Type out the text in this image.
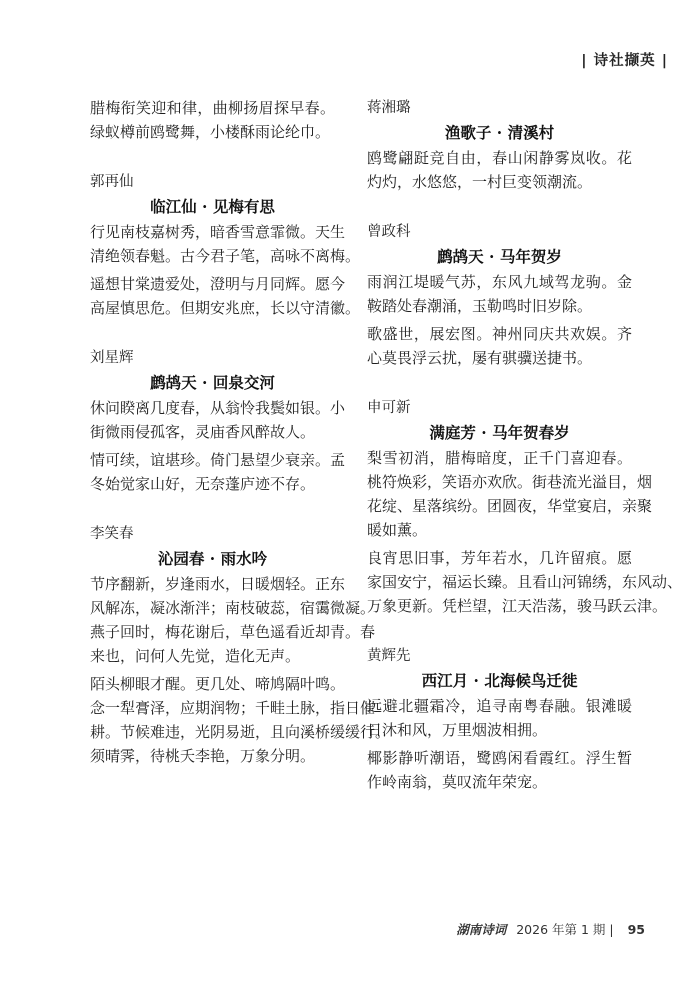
| 诗社撷英 |

腊梅衔笑迎和律，曲柳扬眉探早春。

绿蚁樽前鸥鹭舞，小楼酥雨论纶巾。

郭再仙

临江仙 · 见梅有思

行见南枝嘉树秀，暗香雪意霏微。天生

清绝领春魁。古今君子笔，高咏不离梅。

遥想甘棠遗爱处，澄明与月同辉。愿今

高屋慎思危。但期安兆庶，长以守清徽。

刘星辉

鹧鸪天 · 回泉交河

休问睽离几度春，从翁怜我鬓如银。小

街微雨侵孤客，灵庙香风醉故人。

情可续，谊堪珍。倚门悬望少衰亲。孟

冬始觉家山好，无奈蓬庐迹不存。

李笑春

沁园春 · 雨水吟

节序翻新，岁逢雨水，日暖烟轻。正东

风解冻，凝冰渐泮；南枝破蕊，宿霭微凝。

燕子回时，梅花谢后，草色遥看近却青。春

来也，问何人先觉，造化无声。

陌头柳眼才醒。更几处、啼鸠隔叶鸣。

念一犁膏泽，应期润物；千畦土脉，指日催

耕。节候难违，光阴易逝，且向溪桥缓缓行。

须晴霁，待桃夭李艳，万象分明。

蒋湘璐

渔歌子 · 清溪村

鸥鹭翩跹竞自由，春山闲静雾岚收。花

灼灼，水悠悠，一村巨变领潮流。

曾政科

鹧鸪天 · 马年贺岁

雨润江堤暖气苏，东风九域驾龙驹。金

鞍踏处春潮涌，玉勒鸣时旧岁除。

歌盛世，展宏图。神州同庆共欢娱。齐

心莫畏浮云扰，屡有骐骥送捷书。

申可新

满庭芳 · 马年贺春岁

梨雪初消，腊梅暗度，正千门喜迎春。

桃符焕彩，笑语亦欢欣。街巷流光溢目，烟

花绽、星落缤纷。团圆夜，华堂宴启，亲聚

暖如薰。

良宵思旧事，芳年若水，几许留痕。愿

家国安宁，福运长臻。且看山河锦绣，东风动、

万象更新。凭栏望，江天浩荡，骏马跃云津。

黄辉先

西江月 · 北海候鸟迁徙

远避北疆霜冷，追寻南粤春融。银滩暖

日沐和风，万里烟波相拥。

椰影静听潮语，鹭鸥闲看霞红。浮生暂

作岭南翁，莫叹流年荣宠。

湖南诗词 2026 年第 1 期 | 95
